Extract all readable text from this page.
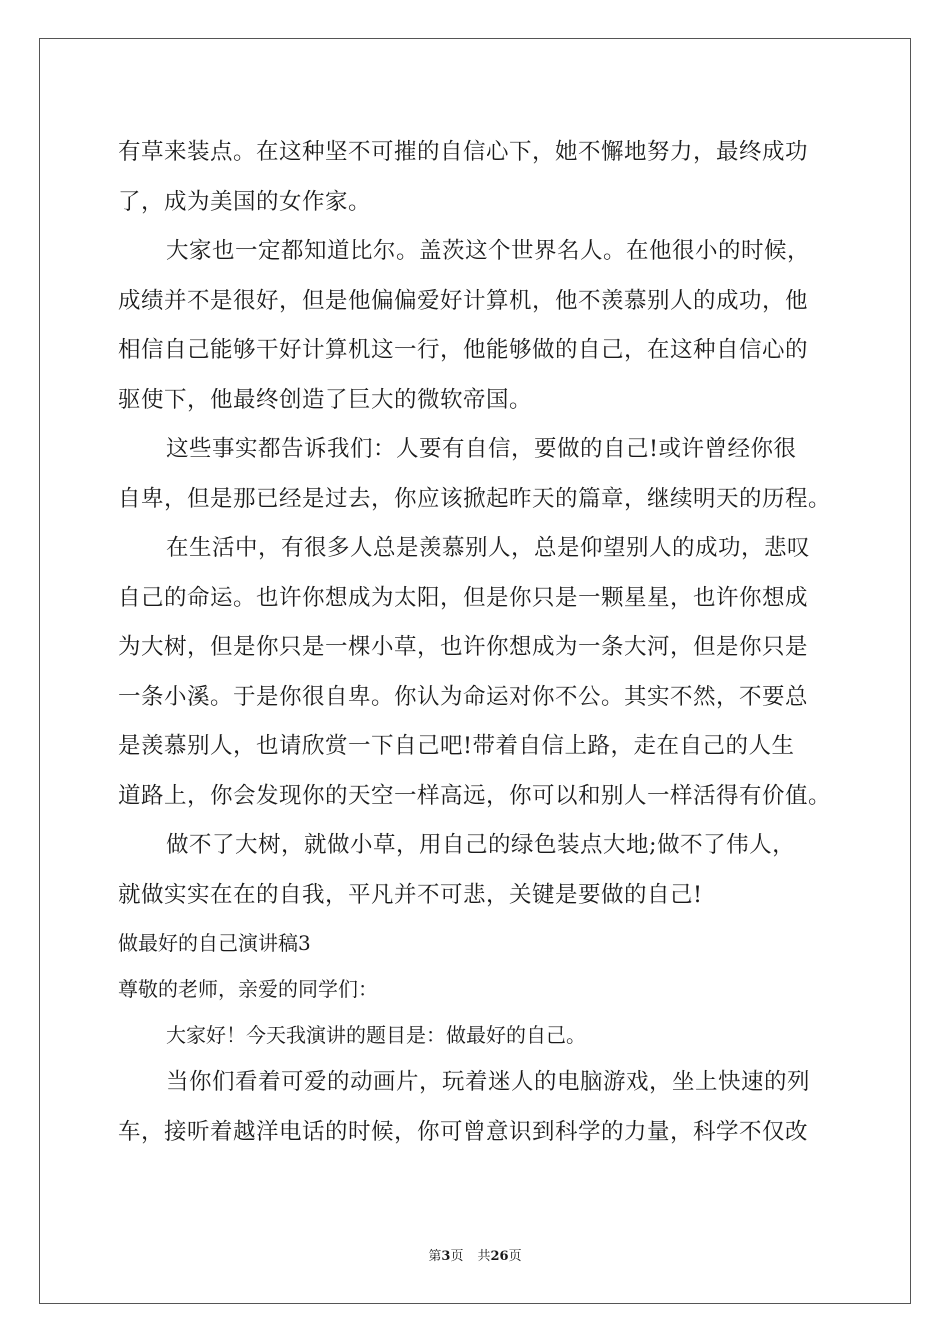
有草来装点。在这种坚不可摧的自信心下，她不懈地努力，最终成功
了，成为美国的女作家。
大家也一定都知道比尔。盖茨这个世界名人。在他很小的时候，
成绩并不是很好，但是他偏偏爱好计算机，他不羡慕别人的成功，他
相信自己能够干好计算机这一行，他能够做的自己，在这种自信心的
驱使下，他最终创造了巨大的微软帝国。
这些事实都告诉我们：人要有自信，要做的自己!或许曾经你很
自卑，但是那已经是过去，你应该掀起昨天的篇章，继续明天的历程。
在生活中，有很多人总是羡慕别人，总是仰望别人的成功，悲叹
自己的命运。也许你想成为太阳，但是你只是一颗星星，也许你想成
为大树，但是你只是一棵小草，也许你想成为一条大河，但是你只是
一条小溪。于是你很自卑。你认为命运对你不公。其实不然，不要总
是羡慕别人，也请欣赏一下自己吧!带着自信上路，走在自己的人生
道路上，你会发现你的天空一样高远，你可以和别人一样活得有价值。
做不了大树，就做小草，用自己的绿色装点大地;做不了伟人，
就做实实在在的自我，平凡并不可悲，关键是要做的自己!
做最好的自己演讲稿3
尊敬的老师，亲爱的同学们：
大家好！今天我演讲的题目是：做最好的自己。
当你们看着可爱的动画片，玩着迷人的电脑游戏，坐上快速的列
车，接听着越洋电话的时候，你可曾意识到科学的力量，科学不仅改
第3页 共26页
